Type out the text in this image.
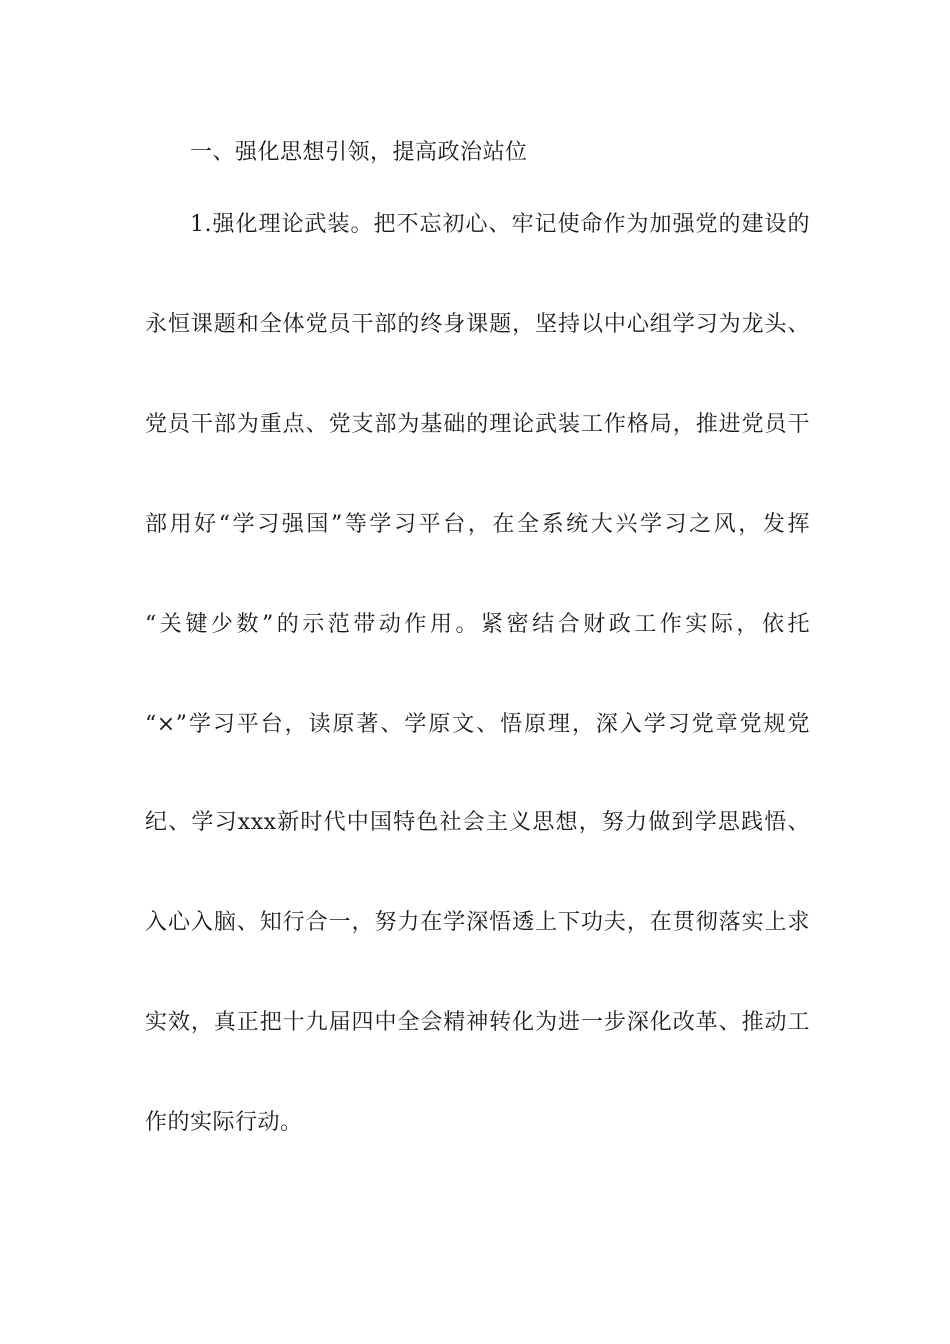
一、强化思想引领，提高政治站位
1.强化理论武装。把不忘初心、牢记使命作为加强党的建设的
永恒课题和全体党员干部的终身课题，坚持以中心组学习为龙头、
党员干部为重点、党支部为基础的理论武装工作格局，推进党员干
部用好“学习强国”等学习平台，在全系统大兴学习之风，发挥
“关键少数”的示范带动作用。紧密结合财政工作实际，依托
“×”学习平台，读原著、学原文、悟原理，深入学习党章党规党
纪、学习xxx新时代中国特色社会主义思想，努力做到学思践悟、
入心入脑、知行合一，努力在学深悟透上下功夫，在贯彻落实上求
实效，真正把十九届四中全会精神转化为进一步深化改革、推动工
作的实际行动。
